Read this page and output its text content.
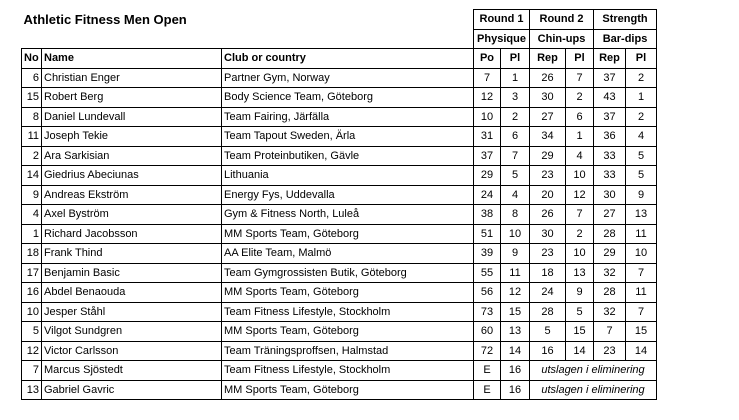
Athletic Fitness Men Open			Round 1		Round 2		Strength	
			Physique		Chin-ups		Bar-dips	
No	Name	Club or country	Po	Pl	Rep	Pl	Rep	Pl
6	Christian Enger	Partner Gym, Norway	7	1	26	7	37	2
15	Robert Berg	Body Science Team, Göteborg	12	3	30	2	43	1
8	Daniel Lundevall	Team Fairing, Järfälla	10	2	27	6	37	2
11	Joseph Tekie	Team Tapout Sweden, Ärla	31	6	34	1	36	4
2	Ara Sarkisian	Team Proteinbutiken, Gävle	37	7	29	4	33	5
14	Giedrius Abeciunas	Lithuania	29	5	23	10	33	5
9	Andreas Ekström	Energy Fys, Uddevalla	24	4	20	12	30	9
4	Axel Byström	Gym & Fitness North, Luleå	38	8	26	7	27	13
1	Richard Jacobsson	MM Sports Team, Göteborg	51	10	30	2	28	11
18	Frank Thind	AA Elite Team, Malmö	39	9	23	10	29	10
17	Benjamin Basic	Team Gymgrossisten Butik, Göteborg	55	11	18	13	32	7
16	Abdel Benaouda	MM Sports Team, Göteborg	56	12	24	9	28	11
10	Jesper Ståhl	Team Fitness Lifestyle, Stockholm	73	15	28	5	32	7
5	Vilgot Sundgren	MM Sports Team, Göteborg	60	13	5	15	7	15
12	Victor Carlsson	Team Träningsproffsen, Halmstad	72	14	16	14	23	14
7	Marcus Sjöstedt	Team Fitness Lifestyle, Stockholm	E	16	utslagen i eliminering			
13	Gabriel Gavric	MM Sports Team, Göteborg	E	16	utslagen i eliminering			
